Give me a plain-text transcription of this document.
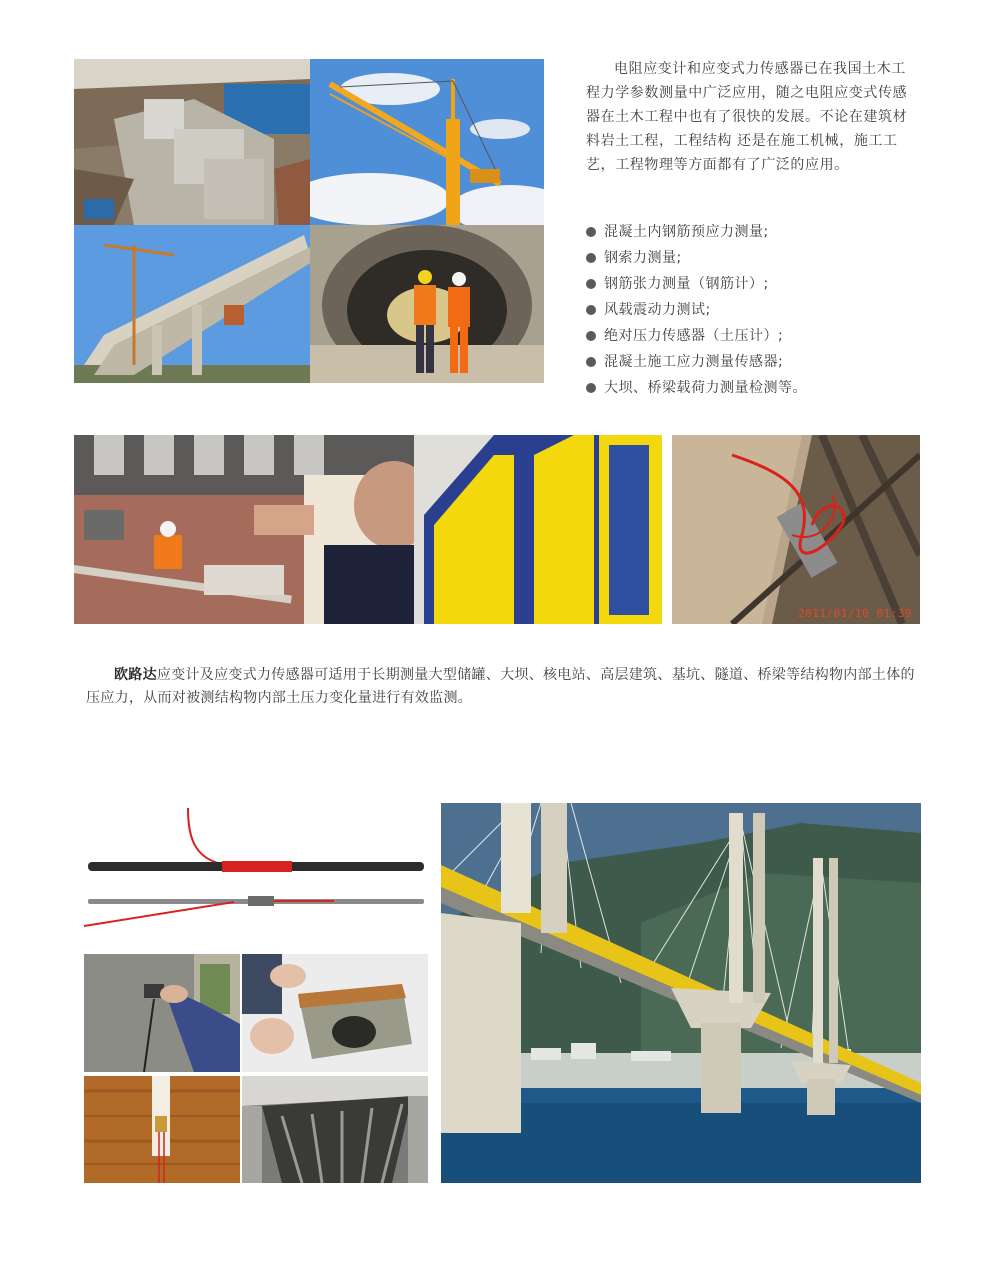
电阻应变计和应变式力传感器已在我国土木工程力学参数测量中广泛应用，随之电阻应变式传感器在土木工程中也有了很快的发展。不论在建筑材料岩土工程，工程结构 还是在施工机械，施工工艺，工程物理等方面都有了广泛的应用。

混凝土内钢筋预应力测量;
钢索力测量;
钢筋张力测量（钢筋计）;
风载震动力测试;
绝对压力传感器（土压计）;
混凝土施工应力测量传感器;
大坝、桥梁载荷力测量检测等。
2011/01/10 01:39

欧路达应变计及应变式力传感器可适用于长期测量大型储罐、大坝、核电站、高层建筑、基坑、隧道、桥梁等结构物内部土体的压应力，从而对被测结构物内部土压力变化量进行有效监测。
